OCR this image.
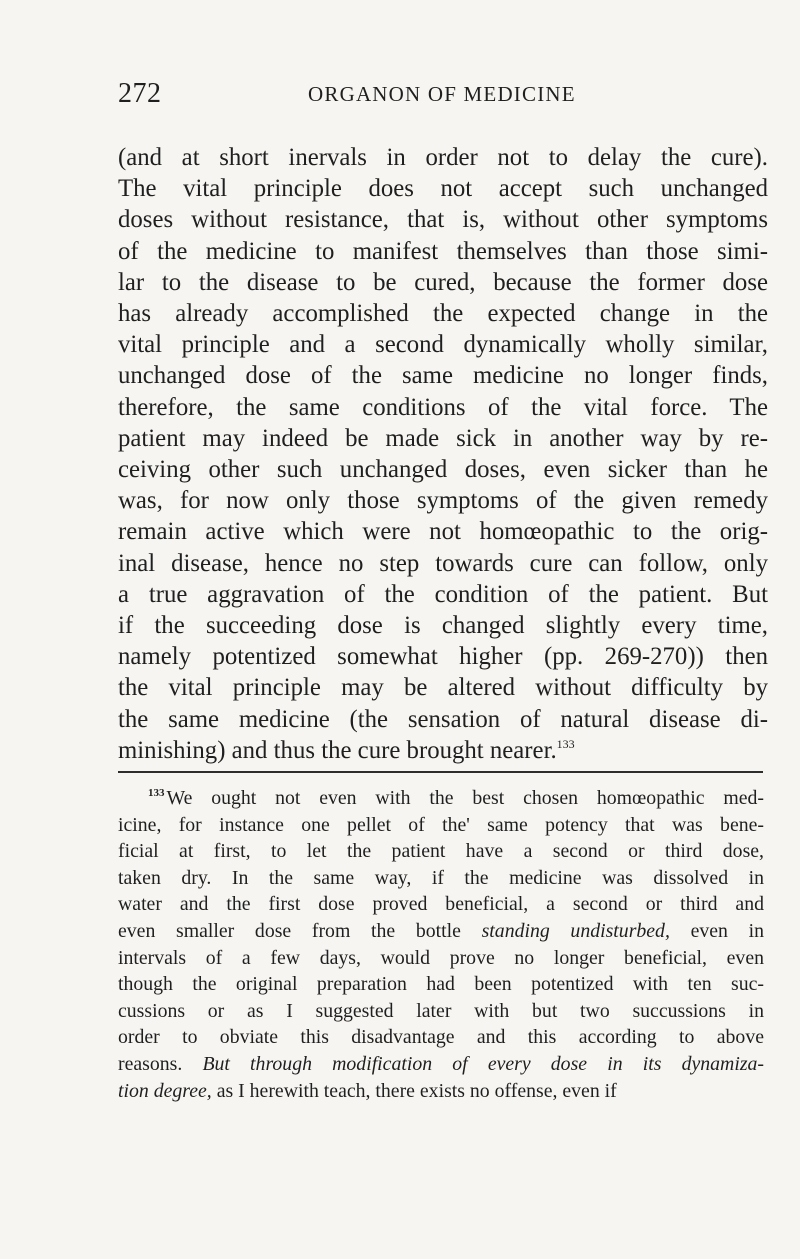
272	ORGANON OF MEDICINE
(and at short inervals in order not to delay the cure).
The vital principle does not accept such unchanged
doses without resistance, that is, without other symptoms
of the medicine to manifest themselves than those simi-
lar to the disease to be cured, because the former dose
has already accomplished the expected change in the
vital principle and a second dynamically wholly similar,
unchanged dose of the same medicine no longer finds,
therefore, the same conditions of the vital force. The
patient may indeed be made sick in another way by re-
ceiving other such unchanged doses, even sicker than he
was, for now only those symptoms of the given remedy
remain active which were not homœopathic to the orig-
inal disease, hence no step towards cure can follow, only
a true aggravation of the condition of the patient. But
if the succeeding dose is changed slightly every time,
namely potentized somewhat higher (pp. 269-270)) then
the vital principle may be altered without difficulty by
the same medicine (the sensation of natural disease di-
minishing) and thus the cure brought nearer.$^{133}$
$^{133}$ We ought not even with the best chosen homœopathic med-
icine, for instance one pellet of the' same potency that was bene-
ficial at first, to let the patient have a second or third dose,
taken dry. In the same way, if the medicine was dissolved in
water and the first dose proved beneficial, a second or third and
even smaller dose from the bottle standing undisturbed, even in
intervals of a few days, would prove no longer beneficial, even
though the original preparation had been potentized with ten suc-
cussions or as I suggested later with but two succussions in
order to obviate this disadvantage and this according to above
reasons. But through modification of every dose in its dynamiza-
tion degree, as I herewith teach, there exists no offense, even if
